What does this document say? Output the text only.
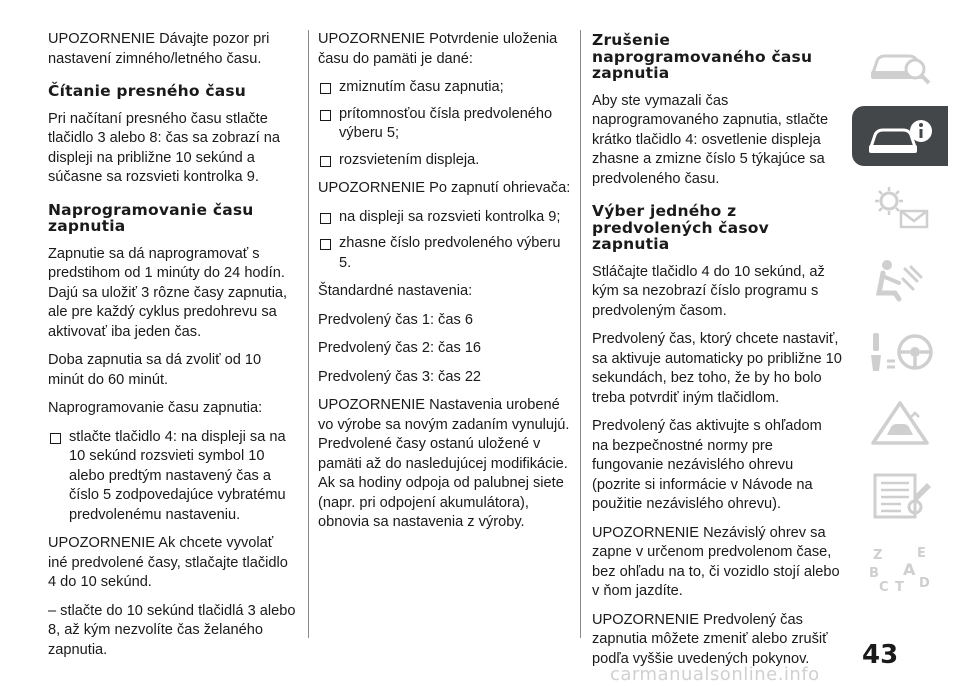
UPOZORNENIE Dávajte pozor pri nastavení zimného/letného času.

Čítanie presného času

Pri načítaní presného času stlačte tlačidlo 3 alebo 8: čas sa zobrazí na displeji na približne 10 sekúnd a súčasne sa rozsvieti kontrolka 9.

Naprogramovanie času zapnutia

Zapnutie sa dá naprogramovať s predstihom od 1 minúty do 24 hodín. Dajú sa uložiť 3 rôzne časy zapnutia, ale pre každý cyklus predohrevu sa aktivovať iba jeden čas.

Doba zapnutia sa dá zvoliť od 10 minút do 60 minút.

Naprogramovanie času zapnutia:

stlačte tlačidlo 4: na displeji sa na 10 sekúnd rozsvieti symbol 10 alebo predtým nastavený čas a číslo 5 zodpovedajúce vybratému predvolenému nastaveniu.

UPOZORNENIE Ak chcete vyvolať iné predvolené časy, stlačajte tlačidlo 4 do 10 sekúnd.

– stlačte do 10 sekúnd tlačidlá 3 alebo 8, až kým nezvolíte čas želaného zapnutia.

UPOZORNENIE Potvrdenie uloženia času do pamäti je dané:

zmiznutím času zapnutia;
prítomnosťou čísla predvoleného výberu 5;
rozsvietením displeja.

UPOZORNENIE Po zapnutí ohrievača:

na displeji sa rozsvieti kontrolka 9;
zhasne číslo predvoleného výberu 5.

Štandardné nastavenia:

Predvolený čas 1: čas 6

Predvolený čas 2: čas 16

Predvolený čas 3: čas 22

UPOZORNENIE Nastavenia urobené vo výrobe sa novým zadaním vynulujú. Predvolené časy ostanú uložené v pamäti až do nasledujúcej modifikácie. Ak sa hodiny odpoja od palubnej siete (napr. pri odpojení akumulátora), obnovia sa nastavenia z výroby.

Zrušenie naprogramovaného času zapnutia

Aby ste vymazali čas naprogramovaného zapnutia, stlačte krátko tlačidlo 4: osvetlenie displeja zhasne a zmizne číslo 5 týkajúce sa predvoleného času.

Výber jedného z predvolených časov zapnutia

Stláčajte tlačidlo 4 do 10 sekúnd, až kým sa nezobrazí číslo programu s predvoleným časom.

Predvolený čas, ktorý chcete nastaviť, sa aktivuje automaticky po približne 10 sekundách, bez toho, že by ho bolo treba potvrdiť iným tlačidlom.

Predvolený čas aktivujte s ohľadom na bezpečnostné normy pre fungovanie nezávislého ohrevu (pozrite si informácie v Návode na použitie nezávislého ohrevu).

UPOZORNENIE Nezávislý ohrev sa zapne v určenom predvolenom čase, bez ohľadu na to, či vozidlo stojí alebo v ňom jazdíte.

UPOZORNENIE Predvolený čas zapnutia môžete zmeniť alebo zrušiť podľa vyššie uvedených pokynov.

Z	E
B A
C T D
43
carmanualsonline.info
